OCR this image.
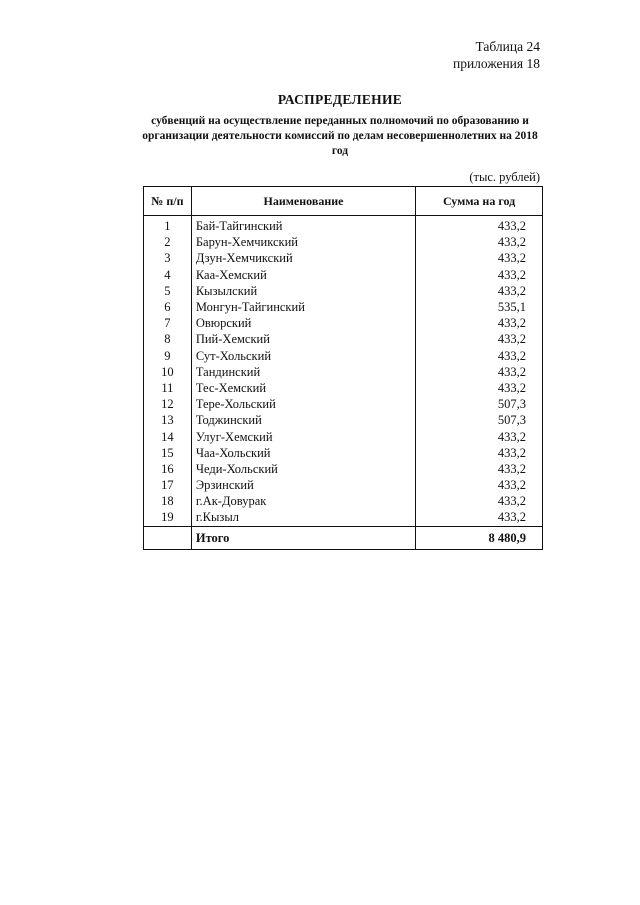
Таблица 24
приложения 18
РАСПРЕДЕЛЕНИЕ
субвенций на осуществление переданных полномочий по образованию и организации деятельности комиссий по делам несовершеннолетних на 2018 год
(тыс. рублей)
№ п/п	Наименование	Сумма на год
1	Бай-Тайгинский	433,2
2	Барун-Хемчикский	433,2
3	Дзун-Хемчикский	433,2
4	Каа-Хемский	433,2
5	Кызылский	433,2
6	Монгун-Тайгинский	535,1
7	Овюрский	433,2
8	Пий-Хемский	433,2
9	Сут-Хольский	433,2
10	Тандинский	433,2
11	Тес-Хемский	433,2
12	Тере-Хольский	507,3
13	Тоджинский	507,3
14	Улуг-Хемский	433,2
15	Чаа-Хольский	433,2
16	Чеди-Хольский	433,2
17	Эрзинский	433,2
18	г.Ак-Довурак	433,2
19	г.Кызыл	433,2
	Итого	8 480,9
